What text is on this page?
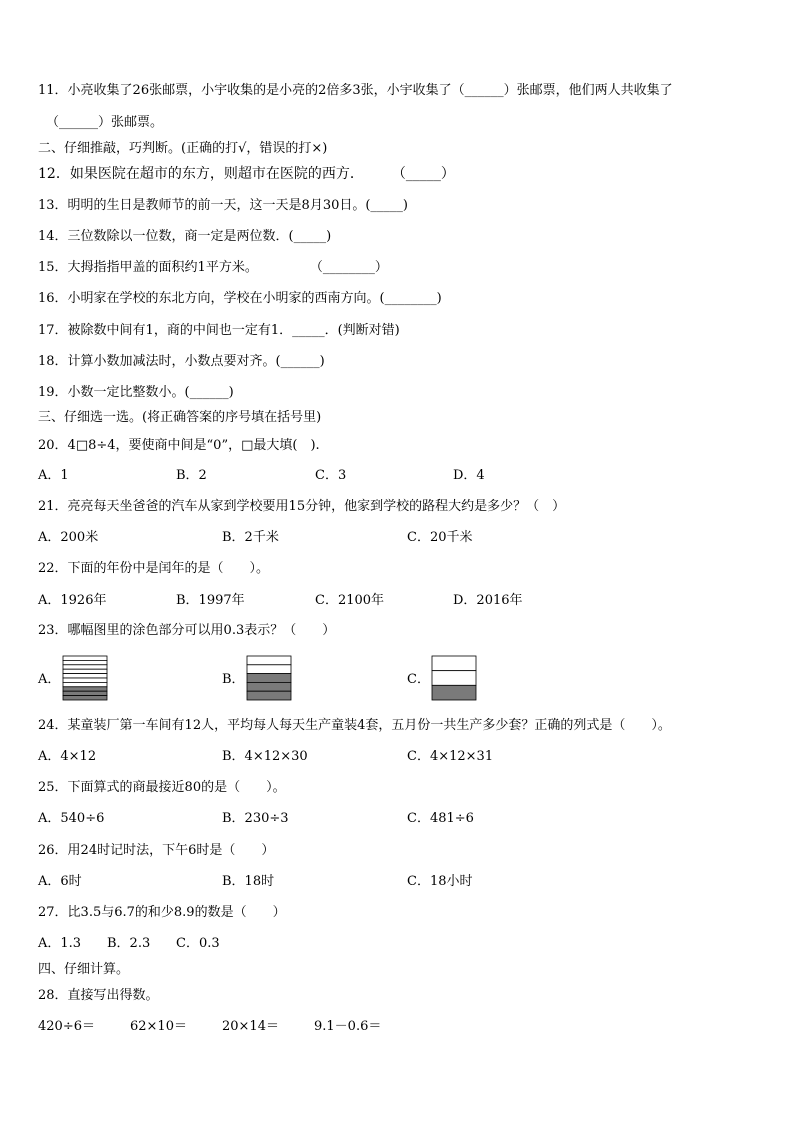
11．小亮收集了26张邮票，小宇收集的是小亮的2倍多3张，小宇收集了（______）张邮票，他们两人共收集了
（______）张邮票。
二、仔细推敲，巧判断。(正确的打√，错误的打×)
12．如果医院在超市的东方，则超市在医院的西方．　　　（_____）
13．明明的生日是教师节的前一天，这一天是8月30日。(_____)
14．三位数除以一位数，商一定是两位数．(_____)
15．大拇指指甲盖的面积约1平方米。　　　　　（________）
16．小明家在学校的东北方向，学校在小明家的西南方向。(________)
17．被除数中间有1，商的中间也一定有1．_____．(判断对错)
18．计算小数加减法时，小数点要对齐。(______)
19．小数一定比整数小。(______)
三、仔细选一选。(将正确答案的序号填在括号里)
20．4□8÷4，要使商中间是“0”，□最大填(　).
A．1	B．2	C．3	D．4
21．亮亮每天坐爸爸的汽车从家到学校要用15分钟，他家到学校的路程大约是多少？（　）
A．200米	B．2千米	C．20千米
22．下面的年份中是闰年的是（　　）。
A．1926年	B．1997年	C．2100年	D．2016年
23．哪幅图里的涂色部分可以用0.3表示？（　　）
A．	B．	C．
24．某童装厂第一车间有12人，平均每人每天生产童装4套，五月份一共生产多少套？正确的列式是（　　）。
A．4×12	B．4×12×30	C．4×12×31
25．下面算式的商最接近80的是（　　）。
A．540÷6	B．230÷3	C．481÷6
26．用24时记时法，下午6时是（　　）
A．6时	B．18时	C．18小时
27．比3.5与6.7的和少8.9的数是（　　）
A．1.3 B．2.3 C．0.3
四、仔细计算。
28．直接写出得数。
420÷6＝	62×10＝	20×14＝	9.1－0.6＝
